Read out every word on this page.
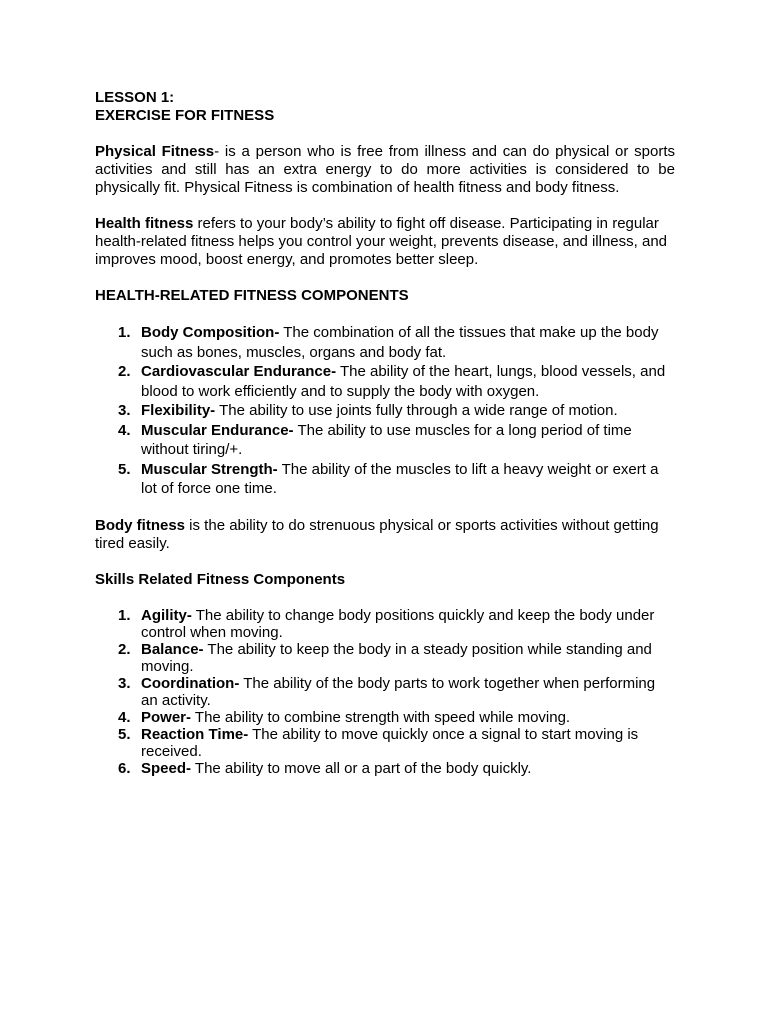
LESSON 1:

EXERCISE FOR FITNESS

Physical Fitness- is a person who is free from illness and can do physical or sports activities and still has an extra energy to do more activities is considered to be physically fit. Physical Fitness is combination of health fitness and body fitness.

Health fitness refers to your body’s ability to fight off disease. Participating in regular health-related fitness helps you control your weight, prevents disease, and illness, and improves mood, boost energy, and promotes better sleep.

HEALTH-RELATED FITNESS COMPONENTS

1. Body Composition- The combination of all the tissues that make up the body such as bones, muscles, organs and body fat.
2. Cardiovascular Endurance- The ability of the heart, lungs, blood vessels, and blood to work efficiently and to supply the body with oxygen.
3. Flexibility- The ability to use joints fully through a wide range of motion.
4. Muscular Endurance- The ability to use muscles for a long period of time without tiring/+.
5. Muscular Strength- The ability of the muscles to lift a heavy weight or exert a lot of force one time.

Body fitness is the ability to do strenuous physical or sports activities without getting tired easily.

Skills Related Fitness Components

1. Agility- The ability to change body positions quickly and keep the body under control when moving.
2. Balance- The ability to keep the body in a steady position while standing and moving.
3. Coordination- The ability of the body parts to work together when performing an activity.
4. Power- The ability to combine strength with speed while moving.
5. Reaction Time- The ability to move quickly once a signal to start moving is received.
6. Speed- The ability to move all or a part of the body quickly.
